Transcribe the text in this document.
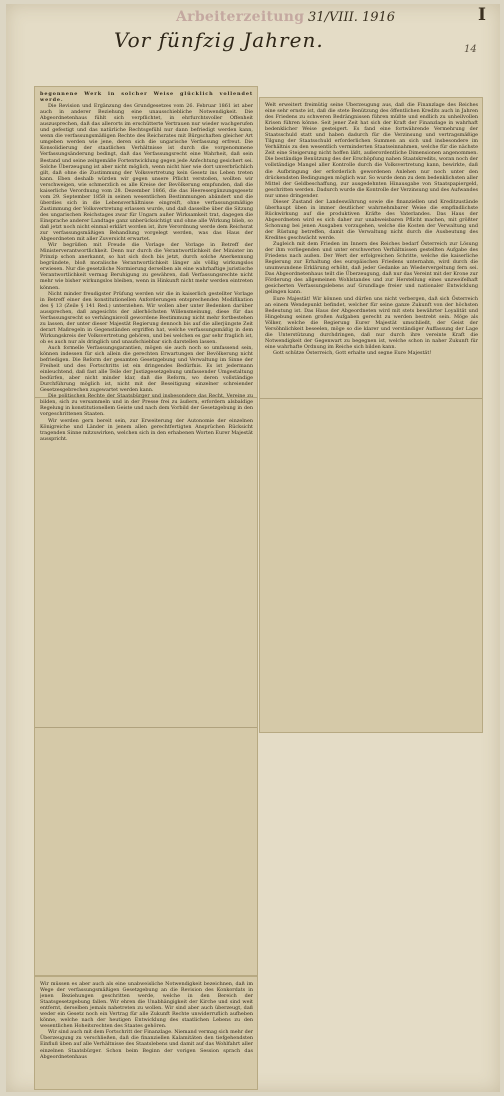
Arbeiterzeitung 31/VIII. 1916	I
Vor fünfzig Jahren.	14

begonnene Werk in solcher Weise glücklich vollendet werde.

Die Revision und Ergänzung des Grundgesetzes vom 26. Februar 1861 ist aber auch in anderer Beziehung eine unausschiebliche Notwendigkeit. Die Abgeordnetenhaus fühlt sich verpflichtet, in ehrfurchtsvoller Offenheit auszusprechen, daß das allerorts im erschütterte Vertrauen nur wieder wachgerufen und gefestigt und das natürliche Rechtsgefühl nur dann befriedigt werden kann, wenn die verfassungsmäßigen Rechte des Reichsrates mit Bürgschaften gleicher Art umgeben werden wie jene, deren sich die ungarische Verfassung erfreut. Die Konsolidierung der staatlichen Verhältnisse ist durch die vorgenommene Verfassungsänderung bedingt, daß das Verfassungsrecht eine Wahrheit, daß sein Bestand und seine zeitgemäße Fortentwicklung gegen jede Anfechtung gesichert sei. Solche Überzeugung ist aber nicht möglich, wenn nicht hier wie dort unverbrüchlich gilt, daß ohne die Zustimmung der Volksvertretung kein Gesetz ins Leben treten kann. Eben deshalb würden wir gegen unsere Pflicht verstoßen, wollten wir verschweigen, wie schmerzlich es alle Kreise der Bevölkerung empfunden, daß die kaiserliche Verordnung vom 28. Dezember 1866, die das Heeresergänzungsgesetz vom 29. September 1858 in seinen wesentlichen Bestimmungen abändert und die überdies sich in die Lebensverhältnisse eingreift, ohne verfassungsmäßige Zustimmung der Volksvertretung erlassen wurde, und daß dasselbe über die Sitzung des ungarischen Reichstages zwar für Ungarn außer Wirksamkeit trat, dagegen die Einsprache anderer Landtage ganz unberücksichtigt und ohne alle Wirkung blieb, so daß jetzt noch nicht einmal erklärt worden ist, ihre Verordnung werde dem Reichsrat zur verfassungsmäßigen Behandlung vorgelegt werden, was das Haus der Abgeordneten mit aller Zuversicht erwartet.

Wir begrüßen mit Freude die Vorlage der Vorlage in Betreff der Ministerverantwortlichkeit. Denn nur durch die Verantwortlichkeit der Minister im Prinzip schon anerkannt, so hat sich doch bis jetzt, durch solche Anerkennung begründete, bloß moralische Verantwortlichkeit länger als völlig wirkungslos erwiesen. Nur die gesetzliche Normierung derselben als eine wahrhaftige juristische Verantwortlichkeit vermag Beruhigung zu gewähren, daß Verfassungsrechte nicht mehr wie bisher wirkungslos bleiben, wenn in Hinkunft nicht mehr werden eintreten können.

Nicht minder freudigster Prüfung werden wir die in kaiserlich gestellter Vorlage in Betreff einer den konstitutionellen Anforderungen entsprechenden Modifikation des § 13 (Zeile § 141 Red.) unterziehen. Wir wollen aber unter Bedenken darüber aussprechen, daß angesichts der allerhöchsten Willensmeinung, diese für das Verfassungsrecht so verhängnisvoll gewordene Bestimmung nicht mehr fortbestehen zu lassen, der unter dieser Majestät Regierung dennoch bis auf die allerjüngste Zeit derart Maßregeln in Gegenständen ergriffen hat, welche verfassungsmäßig in dem Wirkungskreis der Volksvertretung gehören, und bei welchen es gar sehr fraglich ist, ob es auch nur als dringlich und unaufschiebbar sich darstellen lassen.

Auch formelle Verfassungsgarantien, mögen sie auch noch so umfassend sein, können indessen für sich allein die gerechten Erwartungen der Bevölkerung nicht befriedigen. Die Reform der gesamten Gesetzgebung und Verwaltung im Sinne der Freiheit und des Fortschritts ist ein dringendes Bedürfnis. Es ist jedermann einleuchtend, daß fast alle Teile der Justizgesetzgebung umfassender Umgestaltung bedürfen, aber nicht minder klar, daß die Reform, wo deren vollständige Durchführung möglich ist, nicht mit der Beseitigung einzelner schreiender Gesetzesgebrechen zugewartet werden kann.

Die politischen Rechte der Staatsbürger und insbesondere das Recht, Vereine zu bilden, sich zu versammeln und in der Presse frei zu äußern, erfordern alsbaldige Regelung in konstitutionellem Geiste und nach dem Vorbild der Gesetzgebung in den vorgeschrittenen Staaten.

Wir werden gern bereit sein, zur Erweiterung der Autonomie der einzelnen Königreiche und Länder in jenem allen gerechtfertigten Ansprüchen Rücksicht tragenden Sinne mitzuwirken, welchen sich in den erhabenen Worten Eurer Majestät ausspricht.

Welt erweitert freimütig seine Überzeugung aus, daß die Finanzlage des Reiches eine sehr ernste ist, daß die stete Benützung des öffentlichen Kredits auch in Jahren des Friedens zu schweren Bedrängnissen führen müßte und endlich zu unheilvollen Krisen führen könne. Seit jener Zeit hat sich der Kraft der Finanzlage in wahrhaft bedenklicher Weise gesteigert. Es fand eine fortwährende Vermehrung der Staatsschuld statt und haben dadurch für die Verzinsung und vertragsmäßige Tilgung der Staatsschuld erforderlichen Summen an sich und insbesondere im Verhältnis zu den wesentlich verminderten Staatseinnahmen, welche für die nächste Zeit eine Steigerung nicht hoffen läßt, außerordentliche Dimensionen angenommen. Die beständige Benützung des der Erschöpfung nahen Staatskredits, woran noch der vollständige Mangel aller Kontrolle durch die Volksvertretung kann, bewirkte, daß die Aufbringung der erforderlich gewordenen Anlehen nur noch unter den drückendsten Bedingungen möglich war. So wurde denn zu dem bedenklichsten aller Mittel der Geldbeschaffung, zur ausgedehnten Hinausgabe von Staatspapiergeld, geschritten werden. Dadurch wurde die Kontrolle der Verzinsung und des Aufwandes nur umso dringender.

Dieser Zustand der Landeswährung sowie die finanziellen und Kreditzustände überhaupt üben in immer deutlicher wahrnehmbarer Weise die empfindlichste Rückwirkung auf die produktiven Kräfte des Vaterlandes. Das Haus der Abgeordneten wird es sich daher zur unabweisbaren Pflicht machen, mit größter Schonung bei jenen Ausgaben vorzugehen, welche die Kosten der Verwaltung und der Rüstung betreffen, damit die Verwaltung nicht durch die Ausbeutung des Kredites geschwächt werde.

Zugleich mit dem Frieden im Innern des Reiches bedarf Österreich zur Lösung der ihm vorliegenden und unter erschwerten Verhältnissen gestellten Aufgabe des Friedens nach außen. Der Wert der erfolgreichen Schritte, welche die kaiserliche Regierung zur Erhaltung des europäischen Friedens unternahm, wird durch die unumwundene Erklärung erhöht, daß jeder Gedanke an Wiedervergeltung fern sei. Das Abgeordnetenhaus teilt die Überzeugung, daß nur das Vereint mit der Krone zur Förderung des allgemeinen Wohlstandes und zur Herstellung eines unzweifelhaft gesicherten Verfassungslebens auf Grundlage freier und nationaler Entwicklung gelingen kann.

Eure Majestät! Wir können und dürfen uns nicht verbergen, daß sich Österreich an einem Wendepunkt befindet, welcher für seine ganze Zukunft von der höchsten Bedeutung ist. Das Haus der Abgeordneten wird mit stets bewährter Loyalität und Hingebung seinen großen Aufgaben gerecht zu werden bestrebt sein. Möge als Völker, welche die Regierung Eurer Majestät umschließt, der Geist der Versöhnlichkeit beseelen, möge so die klarer und verständiger Auffassung der Lage die Unterstützung durchdringen, daß nur durch ihre vereinte Kraft die Notwendigkeit der Gegenwart zu begegnen ist, welche schon in naher Zukunft für eine wahrhafte Ordnung im Reiche sich bilden kann.

Gott schütze Österreich, Gott erhalte und segne Eure Majestät!

Wir müssen es aber auch als eine unabweisliche Notwendigkeit bezeichnen, daß im Wege der verfassungsmäßigen Gesetzgebung an die Revision des Konkordats in jenen Beziehungen geschritten werde, welche in den Bereich der Staatsgesetzgebung fallen. Wir ehren die Unabhängigkeit der Kirche und sind weit entfernt, derselben jemals nahetreten zu wollen. Wir sind aber auch überzeugt, daß weder ein Gesetz noch ein Vertrag für alle Zukunft Rechte unwiderruflich aufheben könne, welche nach der heutigen Entwicklung des staatlichen Lebens zu den wesentlichen Hoheitsrechten des Staates gehören.

Wir sind auch mit dem Fortschritt der Finanzlage. Niemand vermag sich mehr der Überzeugung zu verschließen, daß die finanziellen Kalamitäten den tiefgehendsten Einfluß üben auf alle Verhältnisse des Staatslebens und damit auf das Wohlfahrt aller einzelnen Staatsbürger. Schon beim Beginn der vorigen Session sprach das Abgeordnetenhaus
